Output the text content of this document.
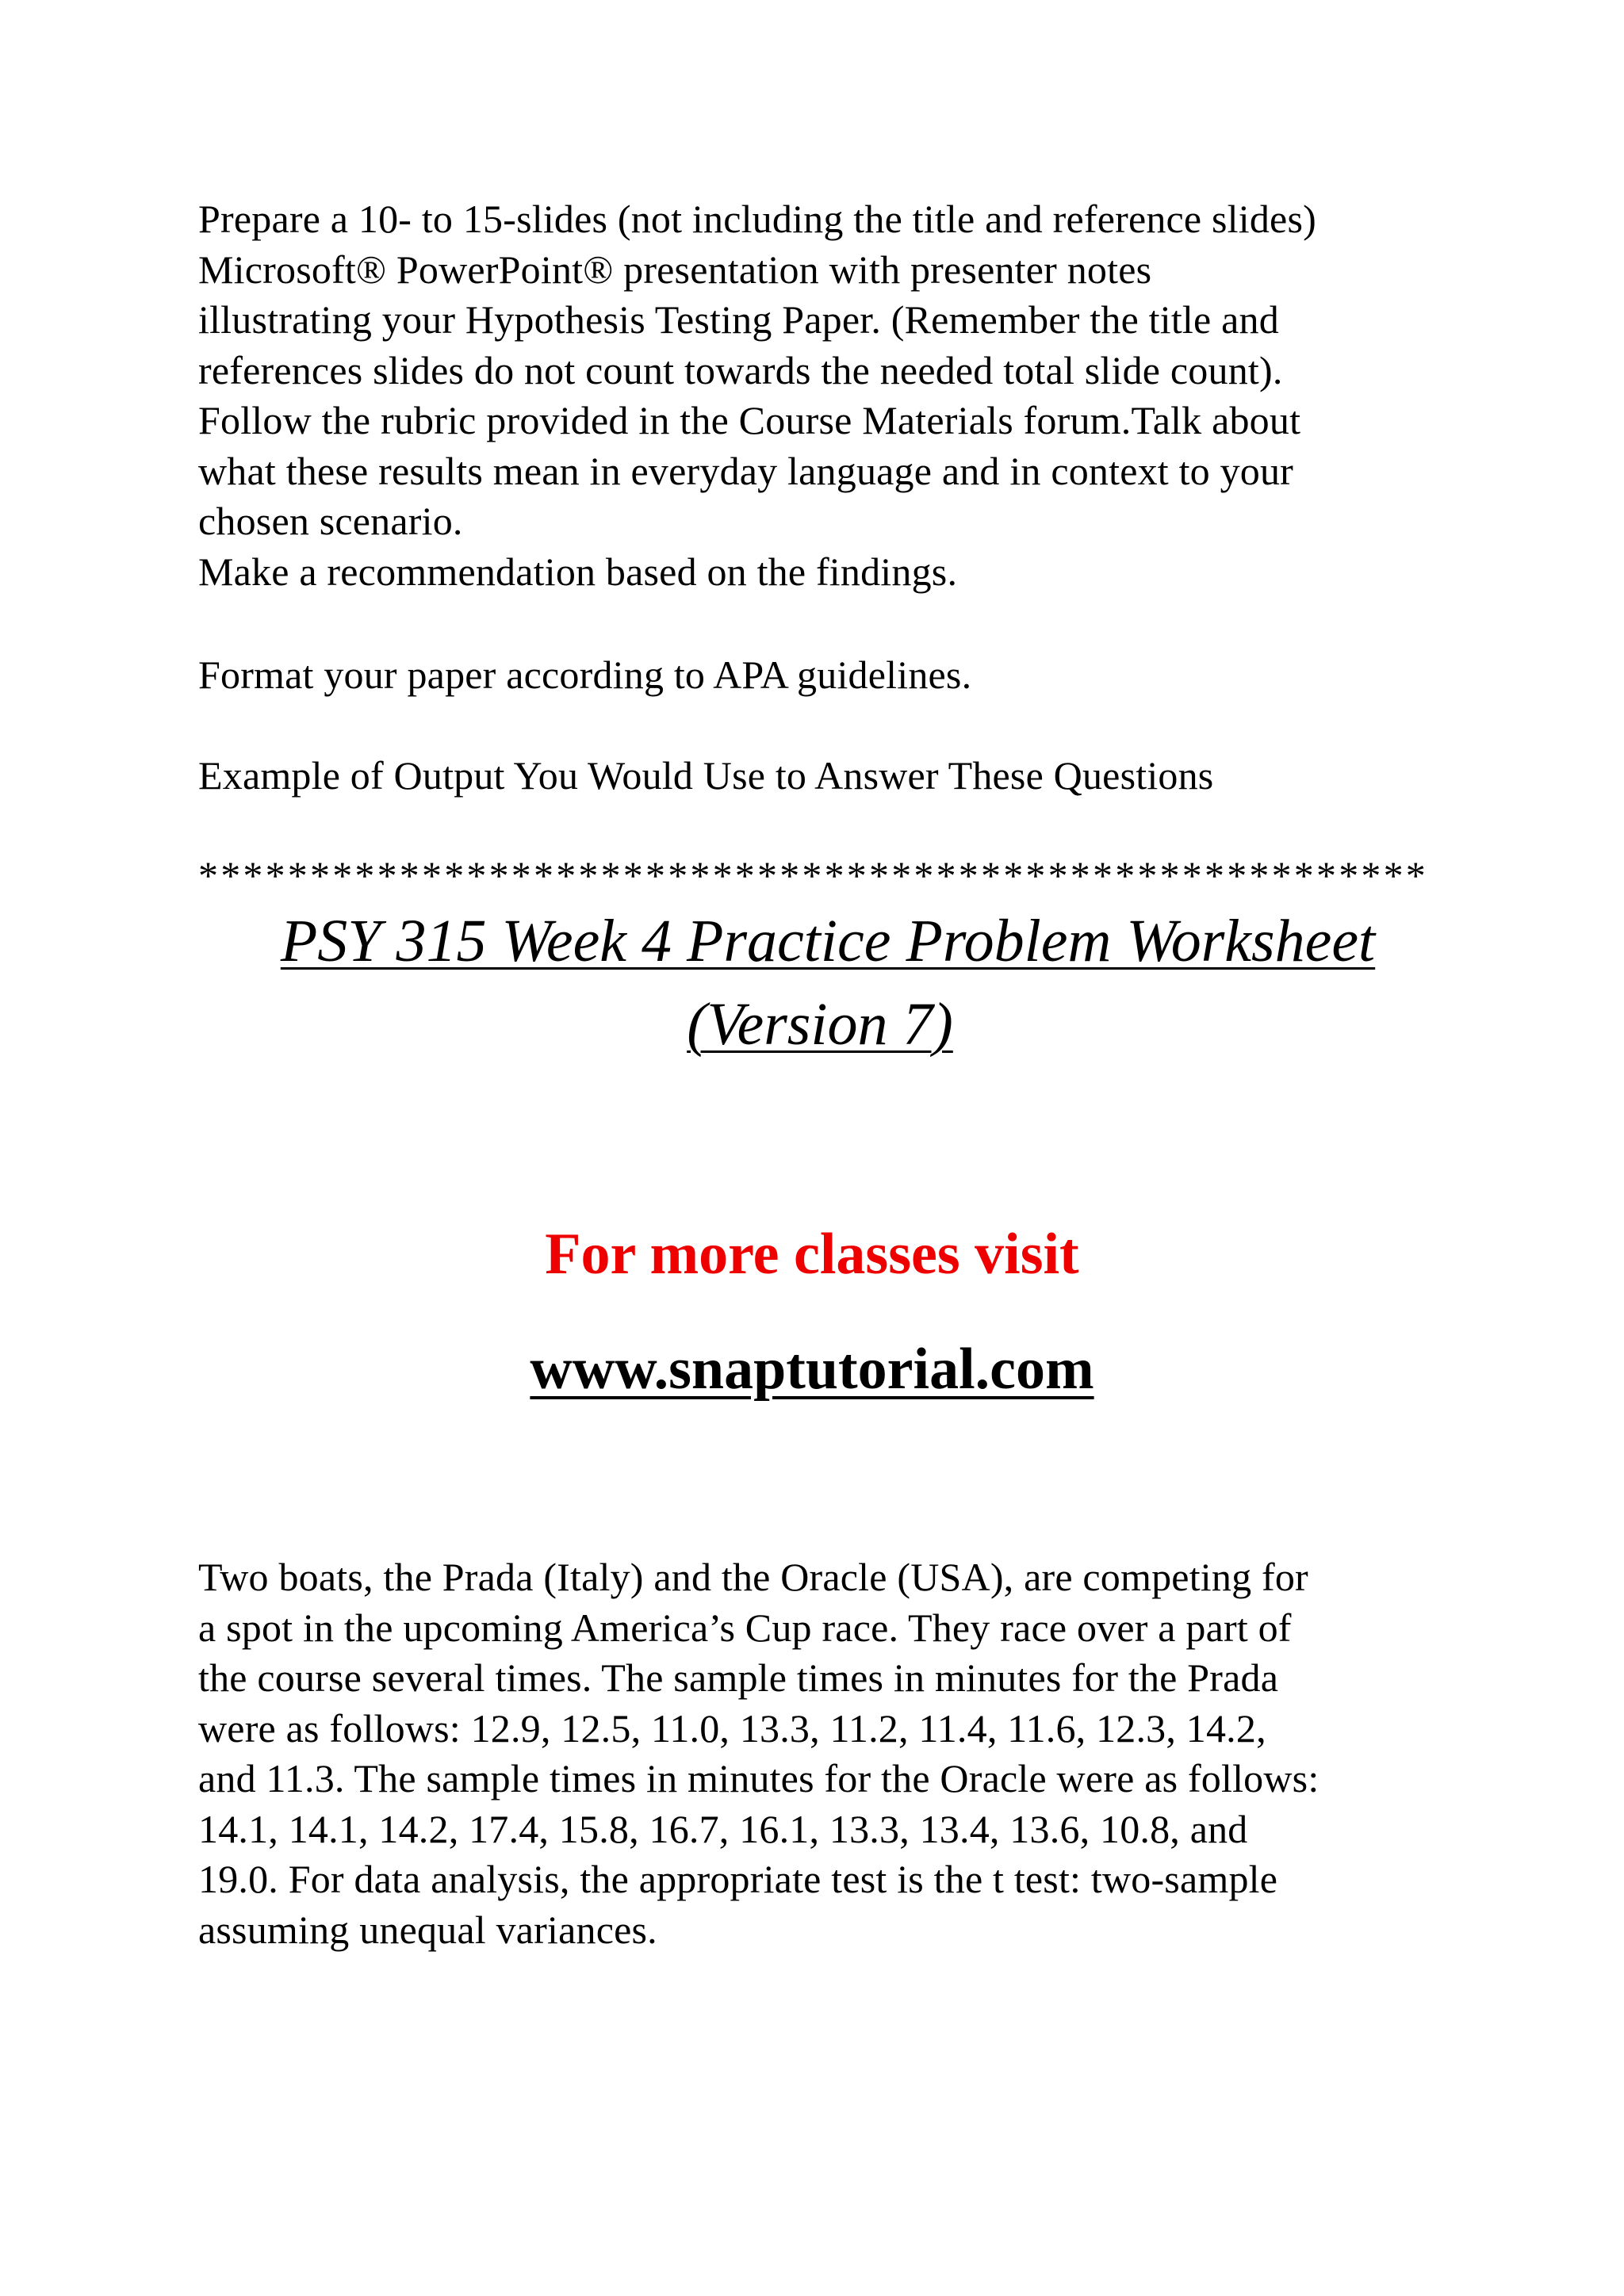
Prepare a 10- to 15-slides (not including the title and reference slides)
Microsoft® PowerPoint® presentation with presenter notes
illustrating your Hypothesis Testing Paper. (Remember the title and
references slides do not count towards the needed total slide count).
Follow the rubric provided in the Course Materials forum.Talk about
what these results mean in everyday language and in context to your
chosen scenario.
Make a recommendation based on the findings.
Format your paper according to APA guidelines.
Example of Output You Would Use to Answer These Questions
*******************************************************
PSY 315 Week 4 Practice Problem Worksheet
(Version 7)
For more classes visit
www.snaptutorial.com
Two boats, the Prada (Italy) and the Oracle (USA), are competing for
a spot in the upcoming America’s Cup race. They race over a part of
the course several times. The sample times in minutes for the Prada
were as follows: 12.9, 12.5, 11.0, 13.3, 11.2, 11.4, 11.6, 12.3, 14.2,
and 11.3. The sample times in minutes for the Oracle were as follows:
14.1, 14.1, 14.2, 17.4, 15.8, 16.7, 16.1, 13.3, 13.4, 13.6, 10.8, and
19.0. For data analysis, the appropriate test is the t test: two-sample
assuming unequal variances.
